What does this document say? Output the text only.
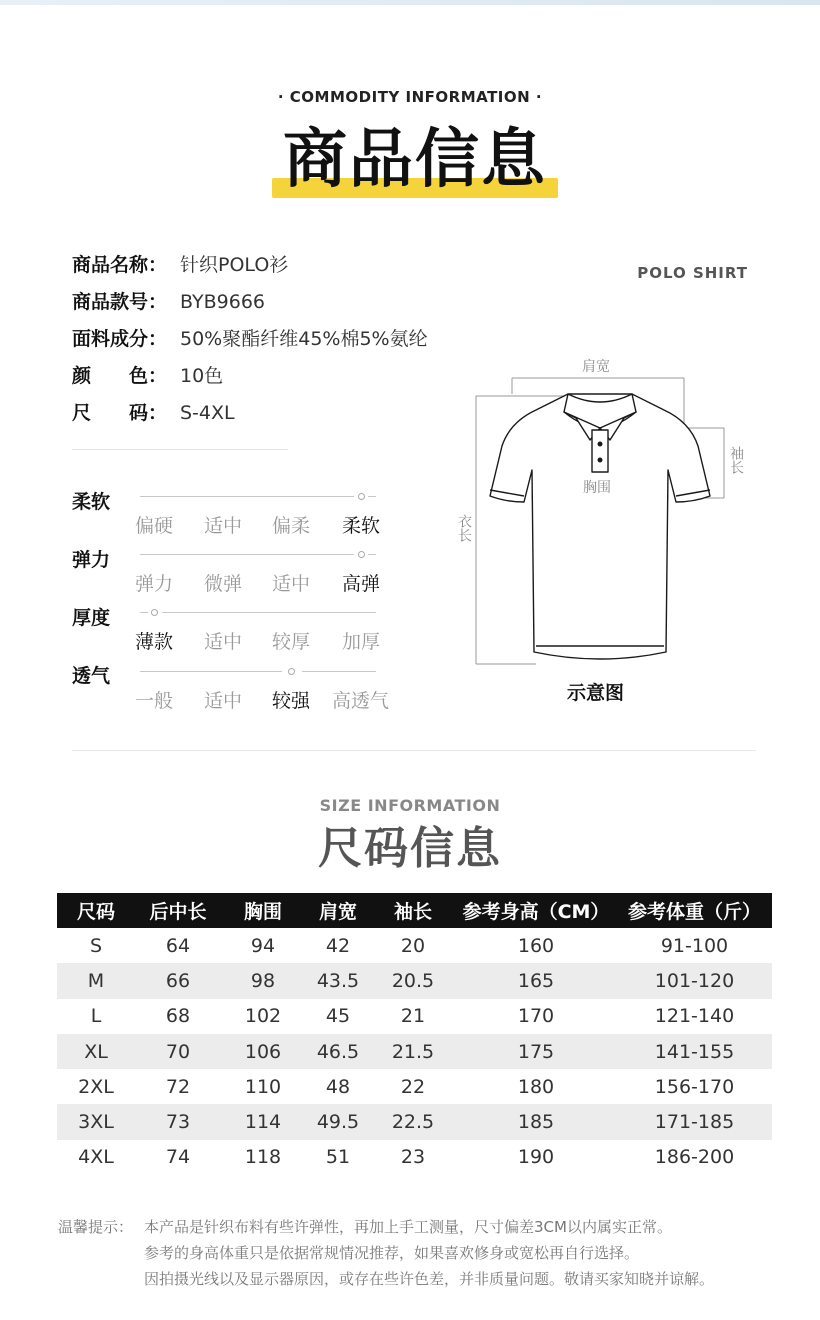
· COMMODITY INFORMATION ·
商品信息
商品名称： 针织POLO衫
商品款号： BYB9666
面料成分： 50%聚酯纤维45%棉5%氨纶
颜　　色： 10色
尺　　码： S-4XL
POLO SHIRT
柔软
偏硬 适中 偏柔 柔软
弹力
弹力 微弹 适中 高弹
厚度
薄款 适中 较厚 加厚
透气
一般 适中 较强 高透气
肩宽
胸围
衣长
袖长
示意图
SIZE INFORMATION
尺码信息
尺码	后中长	胸围	肩宽	袖长	参考身高（CM）	参考体重（斤）
S	64	94	42	20	160	91-100
M	66	98	43.5	20.5	165	101-120
L	68	102	45	21	170	121-140
XL	70	106	46.5	21.5	175	141-155
2XL	72	110	48	22	180	156-170
3XL	73	114	49.5	22.5	185	171-185
4XL	74	118	51	23	190	186-200
温馨提示： 本产品是针织布料有些许弹性，再加上手工测量，尺寸偏差3CM以内属实正常。
参考的身高体重只是依据常规情况推荐，如果喜欢修身或宽松再自行选择。
因拍摄光线以及显示器原因，或存在些许色差，并非质量问题。敬请买家知晓并谅解。
